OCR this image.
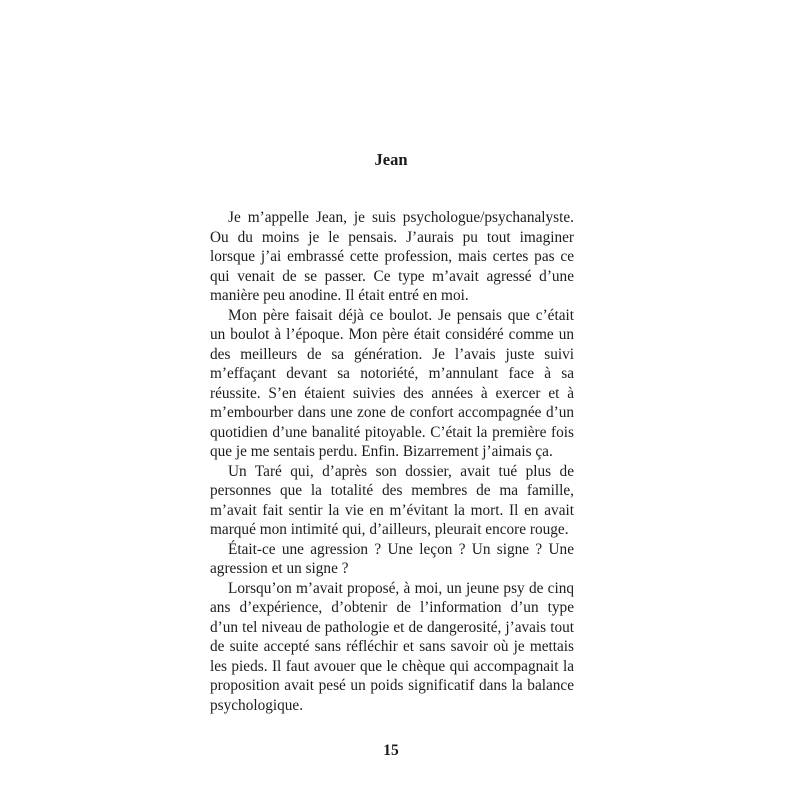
Jean

Je m’appelle Jean, je suis psychologue/psychanalyste. Ou du moins je le pensais. J’aurais pu tout imaginer lorsque j’ai embrassé cette profession, mais certes pas ce qui venait de se passer. Ce type m’avait agressé d’une manière peu anodine. Il était entré en moi.

Mon père faisait déjà ce boulot. Je pensais que c’était un boulot à l’époque. Mon père était considéré comme un des meilleurs de sa génération. Je l’avais juste suivi m’effaçant devant sa notoriété, m’annulant face à sa réussite. S’en étaient suivies des années à exercer et à m’embourber dans une zone de confort accompagnée d’un quotidien d’une banalité pitoyable. C’était la première fois que je me sentais perdu. Enfin. Bizarrement j’aimais ça.

Un Taré qui, d’après son dossier, avait tué plus de personnes que la totalité des membres de ma famille, m’avait fait sentir la vie en m’évitant la mort. Il en avait marqué mon intimité qui, d’ailleurs, pleurait encore rouge.

Était-ce une agression ? Une leçon ? Un signe ? Une agression et un signe ?

Lorsqu’on m’avait proposé, à moi, un jeune psy de cinq ans d’expérience, d’obtenir de l’information d’un type d’un tel niveau de pathologie et de dangerosité, j’avais tout de suite accepté sans réfléchir et sans savoir où je mettais les pieds. Il faut avouer que le chèque qui accompagnait la proposition avait pesé un poids significatif dans la balance psychologique.

15
